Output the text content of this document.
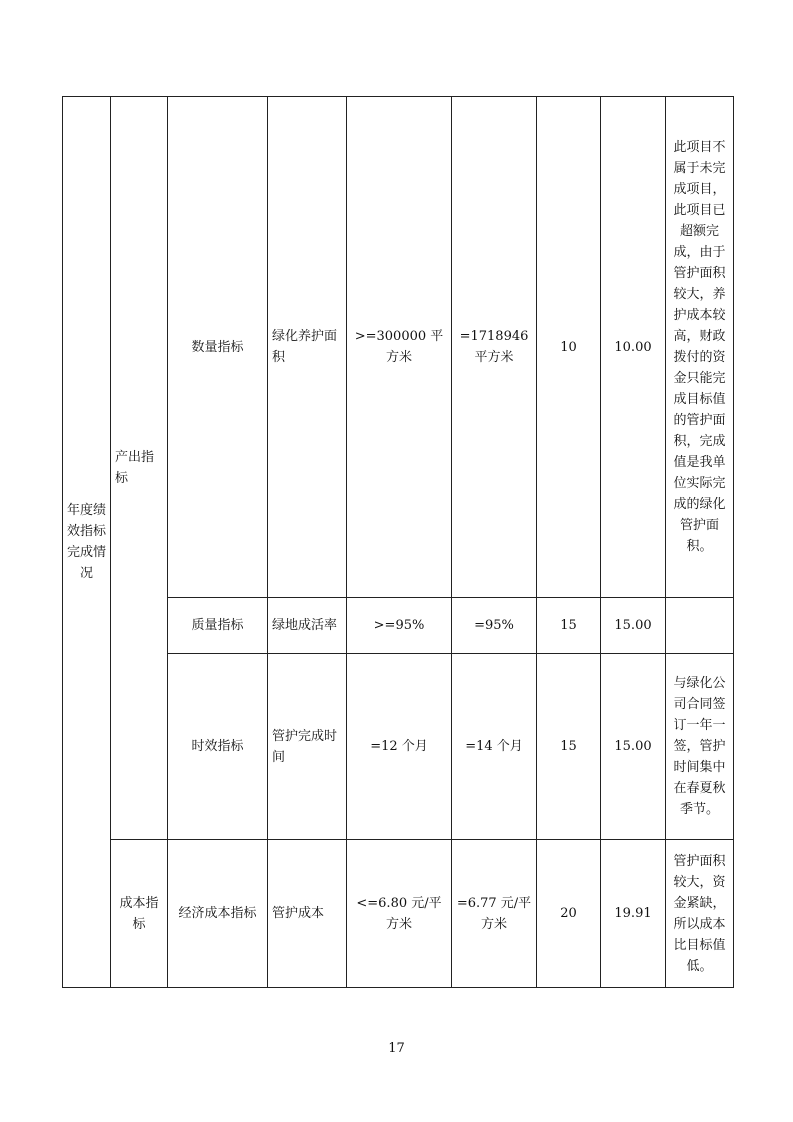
年度绩效指标完成情况	产出指标	数量指标	绿化养护面积	>=300000 平方米	=1718946 平方米	10	10.00	此项目不属于未完成项目，此项目已超额完成，由于管护面积较大，养护成本较高，财政拨付的资金只能完成目标值的管护面积，完成值是我单位实际完成的绿化管护面积。
		质量指标	绿地成活率	>=95%	=95%	15	15.00	
		时效指标	管护完成时间	=12 个月	=14 个月	15	15.00	与绿化公司合同签订一年一签，管护时间集中在春夏秋季节。
	成本指标	经济成本指标	管护成本	<=6.80 元/平方米	=6.77 元/平方米	20	19.91	管护面积较大，资金紧缺，所以成本比目标值低。
17
